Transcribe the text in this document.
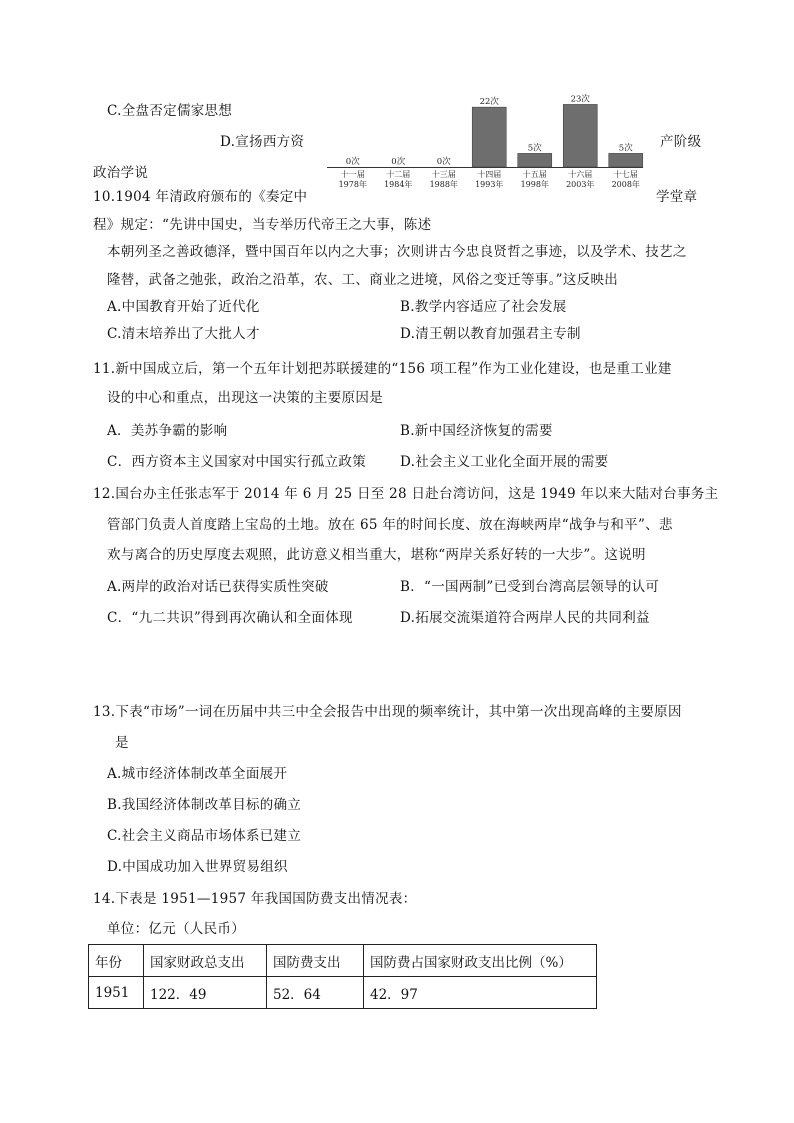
C.全盘否定儒家思想
D.宣扬西方资	产阶级
政治学说
0次
十一届
1978年
0次
十二届
1984年
0次
十三届
1988年
22次
十四届
1993年
5次
十五届
1998年
23次
十六届
2003年
5次
十七届
2008年
10.1904 年清政府颁布的《奏定中	学堂章
程》规定：“先讲中国史，当专举历代帝王之大事，陈述
本朝列圣之善政德泽，暨中国百年以内之大事；次则讲古今忠良贤哲之事迹，以及学术、技艺之
隆替，武备之弛张，政治之沿革，农、工、商业之进境，风俗之变迁等事。”这反映出
A.中国教育开始了近代化	B.教学内容适应了社会发展
C.清末培养出了大批人才	D.清王朝以教育加强君主专制
11.新中国成立后，第一个五年计划把苏联援建的“156 项工程”作为工业化建设，也是重工业建
设的中心和重点，出现这一决策的主要原因是
A．美苏争霸的影响	B.新中国经济恢复的需要
C．西方资本主义国家对中国实行孤立政策	D.社会主义工业化全面开展的需要
12.国台办主任张志军于 2014 年 6 月 25 日至 28 日赴台湾访问，这是 1949 年以来大陆对台事务主
管部门负责人首度踏上宝岛的土地。放在 65 年的时间长度、放在海峡两岸“战争与和平”、悲
欢与离合的历史厚度去观照，此访意义相当重大，堪称“两岸关系好转的一大步”。这说明
A.两岸的政治对话已获得实质性突破	B．“一国两制”已受到台湾高层领导的认可
C．“九二共识”得到再次确认和全面体现	D.拓展交流渠道符合两岸人民的共同利益
13.下表“市场”一词在历届中共三中全会报告中出现的频率统计，其中第一次出现高峰的主要原因
是
A.城市经济体制改革全面展开
B.我国经济体制改革目标的确立
C.社会主义商品市场体系已建立
D.中国成功加入世界贸易组织
14.下表是 1951—1957 年我国国防费支出情况表：
单位：亿元（人民币）
年份	国家财政总支出	国防费支出	国防费占国家财政支出比例（%）
1951	122．49	52．64	42．97
